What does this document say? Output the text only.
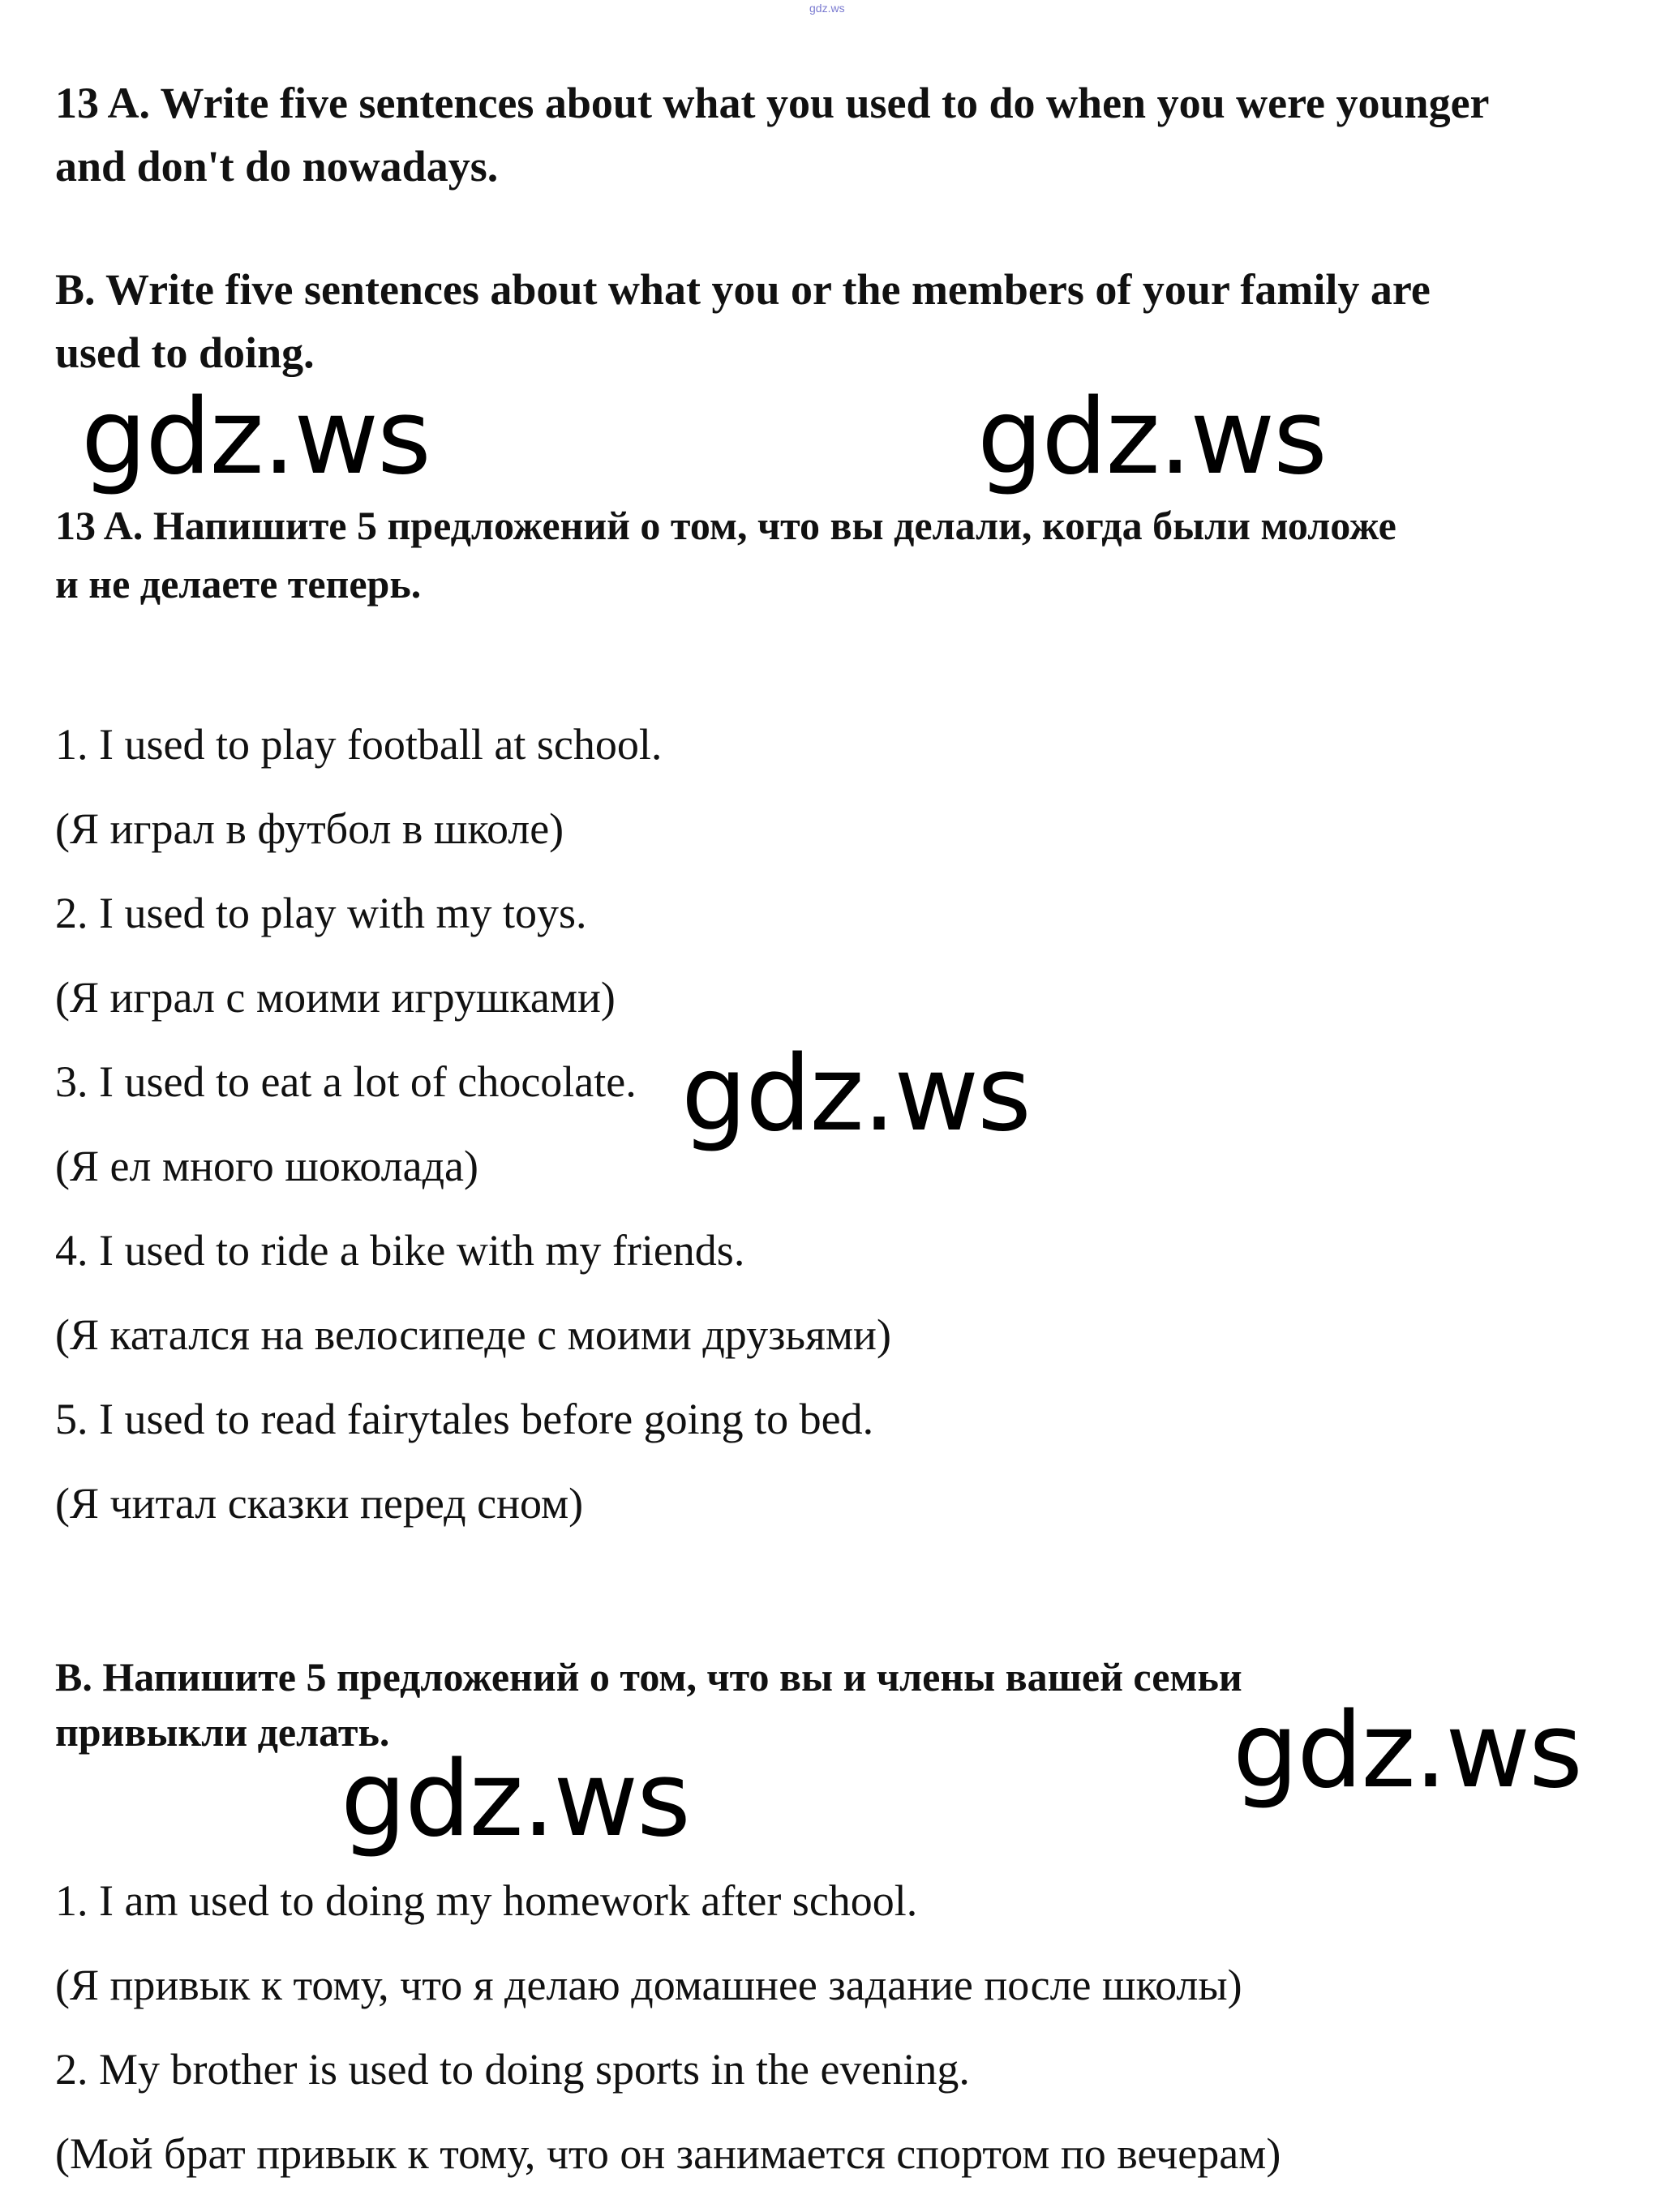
gdz.ws
13 A. Write five sentences about what you used to do when you were younger
and don't do nowadays.
B. Write five sentences about what you or the members of your family are
used to doing.
13 A. Напишите 5 предложений о том, что вы делали, когда были моложе
и не делаете теперь.
1. I used to play football at school.
(Я играл в футбол в школе)
2. I used to play with my toys.
(Я играл с моими игрушками)
3. I used to eat a lot of chocolate.
(Я ел много шоколада)
4. I used to ride a bike with my friends.
(Я катался на велосипеде с моими друзьями)
5. I used to read fairytales before going to bed.
(Я читал сказки перед сном)
B. Напишите 5 предложений о том, что вы и члены вашей семьи
привыкли делать.
1. I am used to doing my homework after school.
(Я привык к тому, что я делаю домашнее задание после школы)
2. My brother is used to doing sports in the evening.
(Мой брат привык к тому, что он занимается спортом по вечерам)
gdz.ws	gdz.ws
gdz.ws
gdz.ws
gdz.ws
